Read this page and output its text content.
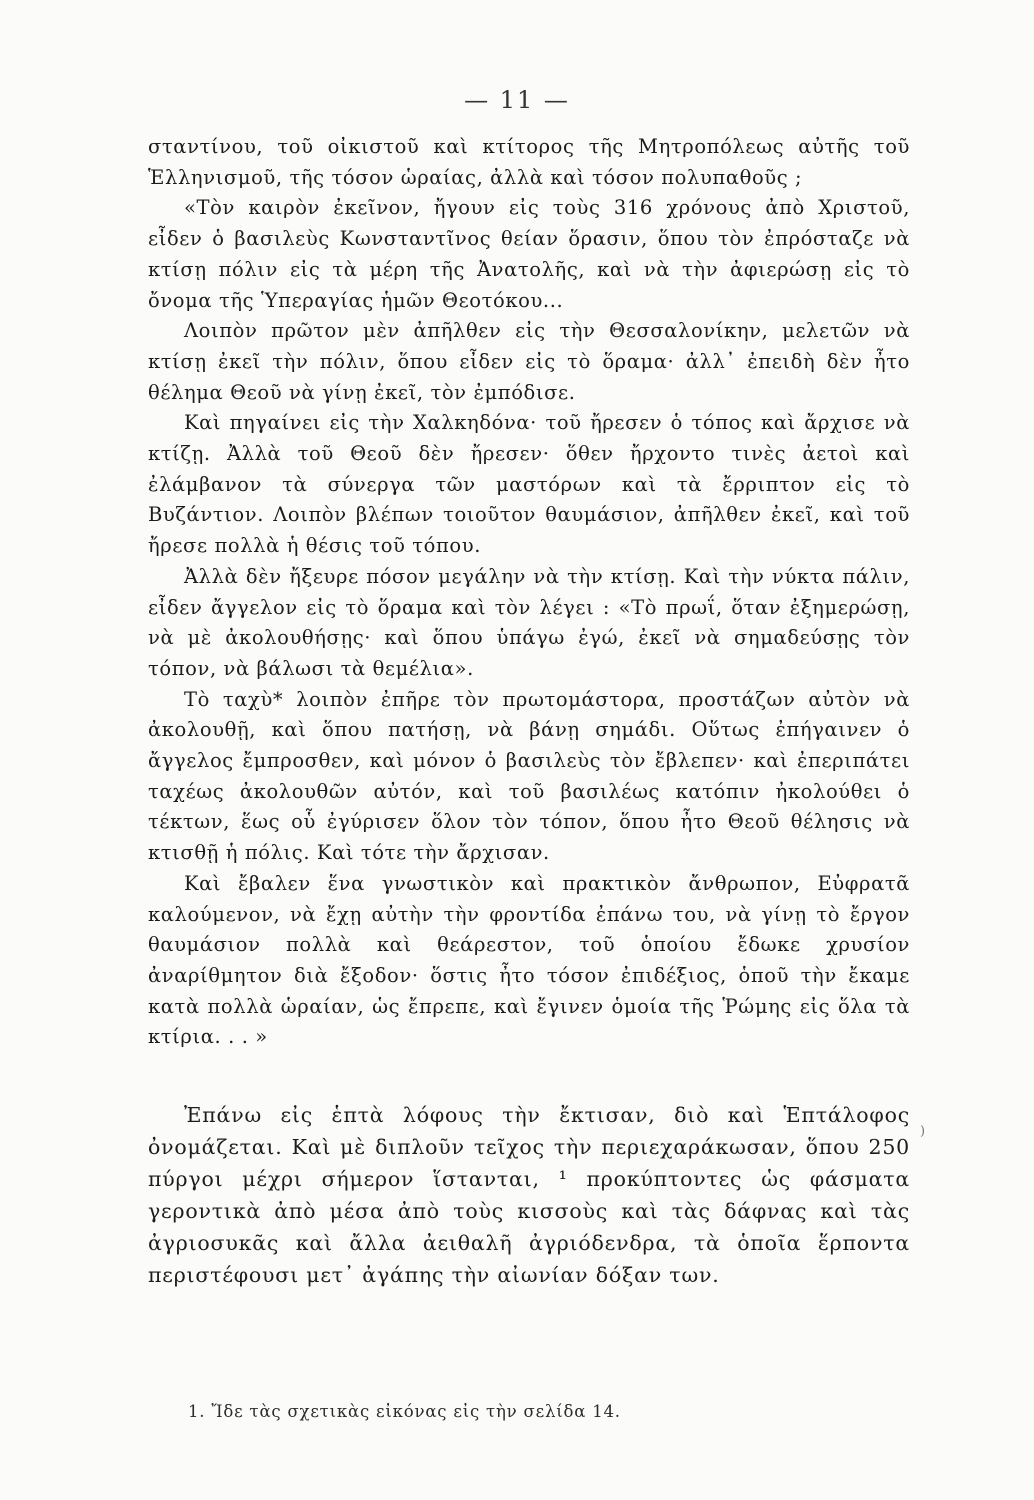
— 11 —

σταντίνου, τοῦ οἰκιστοῦ καὶ κτίτορος τῆς Μητροπόλεως αὐτῆς τοῦ Ἑλληνισμοῦ, τῆς τόσον ὡραίας, ἀλλὰ καὶ τόσον πολυπαθοῦς ;

«Τὸν καιρὸν ἐκεῖνον, ἤγουν εἰς τοὺς 316 χρόνους ἀπὸ Χριστοῦ, εἶδεν ὁ βασιλεὺς Κωνσταντῖνος θείαν ὅρασιν, ὅπου τὸν ἐπρόσταζε νὰ κτίσῃ πόλιν εἰς τὰ μέρη τῆς Ἀνατολῆς, καὶ νὰ τὴν ἀφιερώσῃ εἰς τὸ ὄνομα τῆς Ὑπεραγίας ἡμῶν Θεοτόκου...

Λοιπὸν πρῶτον μὲν ἀπῆλθεν εἰς τὴν Θεσσαλονίκην, μελετῶν νὰ κτίσῃ ἐκεῖ τὴν πόλιν, ὅπου εἶδεν εἰς τὸ ὅραμα· ἀλλ᾿ ἐπειδὴ δὲν ἦτο θέλημα Θεοῦ νὰ γίνῃ ἐκεῖ, τὸν ἐμπόδισε.

Καὶ πηγαίνει εἰς τὴν Χαλκηδόνα· τοῦ ἤρεσεν ὁ τόπος καὶ ἄρχισε νὰ κτίζῃ. Ἀλλὰ τοῦ Θεοῦ δὲν ἤρεσεν· ὅθεν ἤρχοντο τινὲς ἀετοὶ καὶ ἐλάμβανον τὰ σύνεργα τῶν μαστόρων καὶ τὰ ἔρριπτον εἰς τὸ Βυζάντιον. Λοιπὸν βλέπων τοιοῦτον θαυμάσιον, ἀπῆλθεν ἐκεῖ, καὶ τοῦ ἤρεσε πολλὰ ἡ θέσις τοῦ τόπου.

Ἀλλὰ δὲν ἤξευρε πόσον μεγάλην νὰ τὴν κτίσῃ. Καὶ τὴν νύκτα πάλιν, εἶδεν ἄγγελον εἰς τὸ ὅραμα καὶ τὸν λέγει : «Τὸ πρωΐ, ὅταν ἐξημερώσῃ, νὰ μὲ ἀκολουθήσῃς· καὶ ὅπου ὑπάγω ἐγώ, ἐκεῖ νὰ σημαδεύσῃς τὸν τόπον, νὰ βάλωσι τὰ θεμέλια».

Τὸ ταχὺ* λοιπὸν ἐπῆρε τὸν πρωτομάστορα, προστάζων αὐτὸν νὰ ἀκολουθῇ, καὶ ὅπου πατήσῃ, νὰ βάνῃ σημάδι. Οὕτως ἐπήγαινεν ὁ ἄγγελος ἔμπροσθεν, καὶ μόνον ὁ βασιλεὺς τὸν ἔβλεπεν· καὶ ἐπεριπάτει ταχέως ἀκολουθῶν αὐτόν, καὶ τοῦ βασιλέως κατόπιν ἠκολούθει ὁ τέκτων, ἕως οὗ ἐγύρισεν ὅλον τὸν τόπον, ὅπου ἦτο Θεοῦ θέλησις νὰ κτισθῇ ἡ πόλις. Καὶ τότε τὴν ἄρχισαν.

Καὶ ἔβαλεν ἕνα γνωστικὸν καὶ πρακτικὸν ἄνθρωπον, Εὐφρατᾶ καλούμενον, νὰ ἔχῃ αὐτὴν τὴν φροντίδα ἐπάνω του, νὰ γίνῃ τὸ ἔργον θαυμάσιον πολλὰ καὶ θεάρεστον, τοῦ ὁποίου ἔδωκε χρυσίον ἀναρίθμητον διὰ ἔξοδον· ὅστις ἦτο τόσον ἐπιδέξιος, ὁποῦ τὴν ἔκαμε κατὰ πολλὰ ὡραίαν, ὡς ἔπρεπε, καὶ ἔγινεν ὁμοία τῆς Ῥώμης εἰς ὅλα τὰ κτίρια. . . »

Ἐπάνω εἰς ἑπτὰ λόφους τὴν ἔκτισαν, διὸ καὶ Ἑπτάλοφος ὀνομάζεται. Καὶ μὲ διπλοῦν τεῖχος τὴν περιεχαράκωσαν, ὅπου 250 πύργοι μέχρι σήμερον ἵστανται, ¹ προκύπτοντες ὡς φάσματα γεροντικὰ ἀπὸ μέσα ἀπὸ τοὺς κισσοὺς καὶ τὰς δάφνας καὶ τὰς ἀγριοσυκᾶς καὶ ἄλλα ἀειθαλῆ ἀγριόδενδρα, τὰ ὁποῖα ἕρποντα περιστέφουσι μετ᾿ ἀγάπης τὴν αἰωνίαν δόξαν των.

)
1. Ἴδε τὰς σχετικὰς εἰκόνας εἰς τὴν σελίδα 14.
